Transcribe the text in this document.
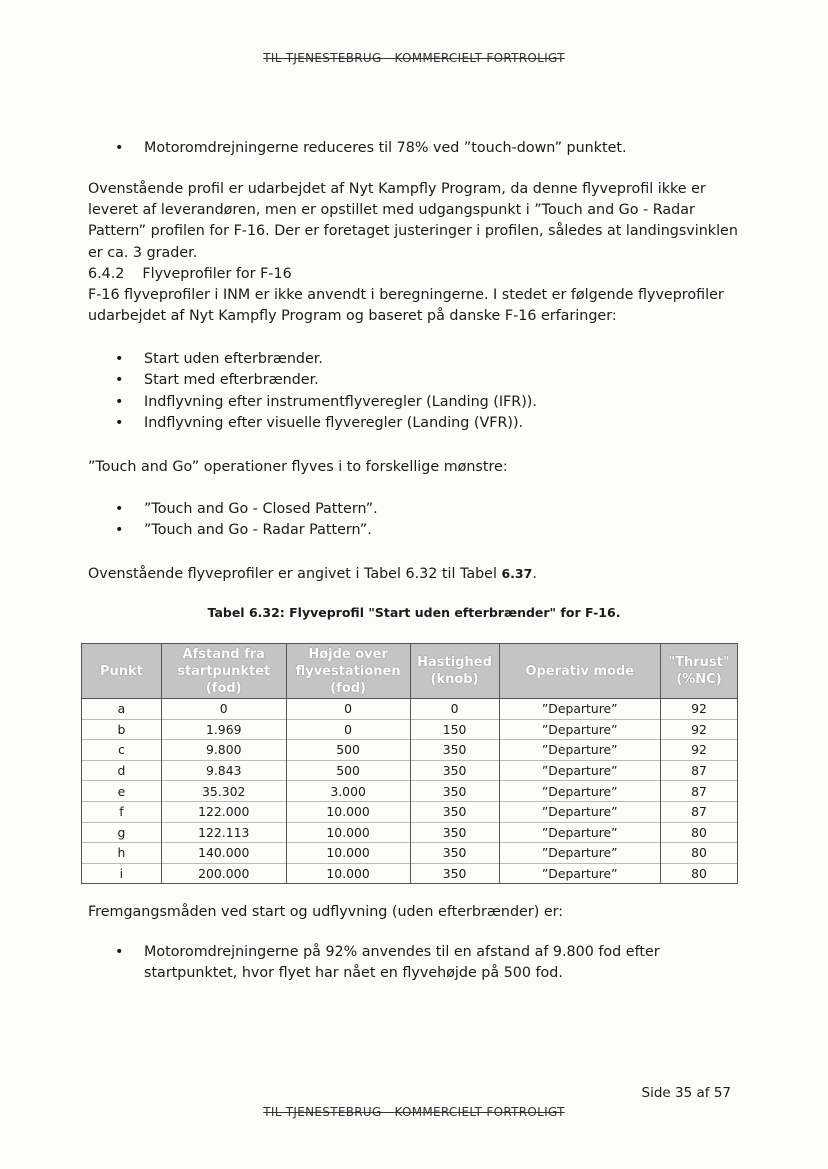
TIL TJENESTEBRUG - KOMMERCIELT FORTROLIGT
• Motoromdrejningerne reduceres til 78% ved ”touch-down” punktet.
Ovenstående profil er udarbejdet af Nyt Kampfly Program, da denne flyveprofil ikke er leveret af leverandøren, men er opstillet med udgangspunkt i ”Touch and Go - Radar Pattern” profilen for F-16. Der er foretaget justeringer i profilen, således at landingsvinklen er ca. 3 grader.
6.4.2 Flyveprofiler for F-16
F-16 flyveprofiler i INM er ikke anvendt i beregningerne. I stedet er følgende flyveprofiler udarbejdet af Nyt Kampfly Program og baseret på danske F-16 erfaringer:
• Start uden efterbrænder.
• Start med efterbrænder.
• Indflyvning efter instrumentflyveregler (Landing (IFR)).
• Indflyvning efter visuelle flyveregler (Landing (VFR)).
”Touch and Go” operationer flyves i to forskellige mønstre:
• ”Touch and Go - Closed Pattern”.
• ”Touch and Go - Radar Pattern”.
Ovenstående flyveprofiler er angivet i Tabel 6.32 til Tabel 6.37.
Tabel 6.32: Flyveprofil "Start uden efterbrænder" for F-16.
Punkt	Afstand fra
startpunktet
(fod)	Højde over
flyvestationen
(fod)	Hastighed
(knob)	Operativ mode	"Thrust"
(%NC)
a	0	0	0	”Departure”	92
b	1.969	0	150	”Departure”	92
c	9.800	500	350	”Departure”	92
d	9.843	500	350	”Departure”	87
e	35.302	3.000	350	”Departure”	87
f	122.000	10.000	350	”Departure”	87
g	122.113	10.000	350	”Departure”	80
h	140.000	10.000	350	”Departure”	80
i	200.000	10.000	350	”Departure”	80
Fremgangsmåden ved start og udflyvning (uden efterbrænder) er:
• Motoromdrejningerne på 92% anvendes til en afstand af 9.800 fod efter startpunktet, hvor flyet har nået en flyvehøjde på 500 fod.
Side 35 af 57
TIL TJENESTEBRUG - KOMMERCIELT FORTROLIGT
